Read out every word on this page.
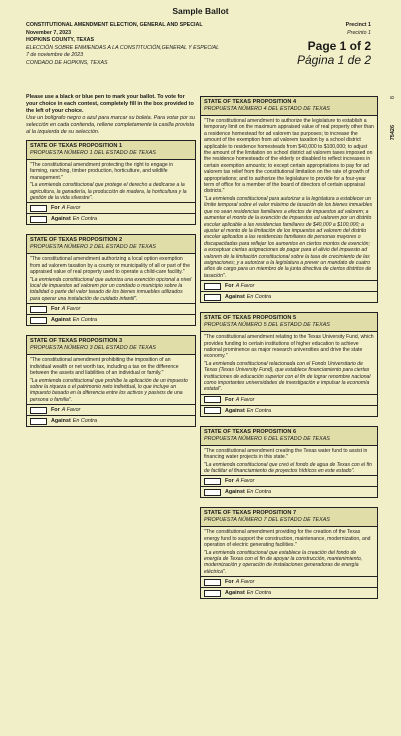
Sample Ballot
CONSTITUTIONAL AMENDMENT ELECTION, GENERAL AND SPECIAL
November 7, 2023
HOPKINS COUNTY, TEXAS
ELECCIÓN SOBRE ENMIENDAS A LA CONSTITUCIÓN,GENERAL Y ESPECIAL
7 de noviembre de 2023
CONDADO DE HOPKINS, TEXAS
Precinct 1
Precinto 1
Page 1 of 2
Página 1 de 2
8
75426
Please use a black or blue pen to mark your ballot. To vote for your choice in each contest, completely fill in the box provided to the left of your choice.
Use un bolígrafo negro o azul para marcar su boleta. Para votar por su selección en cada contienda, rellene completamente la casilla provista al la izquierda de su selección.
STATE OF TEXAS PROPOSITION 1
PROPUESTA NÚMERO 1 DEL ESTADO DE TEXAS
"The constitutional amendment protecting the right to engage in farming, ranching, timber production, horticulture, and wildlife management."
"La enmienda constitucional que protege el derecho a dedicarse a la agricultura, la ganadería, la producción de madera, la horticultura y la gestión de la vida silvestre".
For A Favor
Against En Contra
STATE OF TEXAS PROPOSITION 2
PROPUESTA NÚMERO 2 DEL ESTADO DE TEXAS
"The constitutional amendment authorizing a local option exemption from ad valorem taxation by a county or municipality of all or part of the appraised value of real property used to operate a child-care facility."
"La enmienda constitucional que autoriza una exención opcional a nivel local de impuestos ad valorem por un condado o municipio sobre la totalidad o parte del valor tasado de los bienes inmuebles utilizados para operar una instalación de cuidado infantil".
For A Favor
Against En Contra
STATE OF TEXAS PROPOSITION 3
PROPUESTA NÚMERO 3 DEL ESTADO DE TEXAS
"The constitutional amendment prohibiting the imposition of an individual wealth or net worth tax, including a tax on the difference between the assets and liabilities of an individual or family."
"La enmienda constitucional que prohíbe la aplicación de un impuesto sobre la riqueza o el patrimonio neto individual, lo que incluye un impuesto basado en la diferencia entre los activos y pasivos de una persona o familia".
For A Favor
Against En Contra
STATE OF TEXAS PROPOSITION 4
PROPUESTA NÚMERO 4 DEL ESTADO DE TEXAS
"The constitutional amendment to authorize the legislature to establish a temporary limit on the maximum appraised value of real property other than a residence homestead for ad valorem tax purposes; to increase the amount of the exemption from ad valorem taxation by a school district applicable to residence homesteads from $40,000 to $100,000; to adjust the amount of the limitation on school district ad valorem taxes imposed on the residence homesteads of the elderly or disabled to reflect increases in certain exemption amounts; to except certain appropriations to pay for ad valorem tax relief from the constitutional limitation on the rate of growth of appropriations; and to authorize the legislature to provide for a four-year term of office for a member of the board of directors of certain appraisal districts."
"La enmienda constitucional para autorizar a la legislatura a establecer un límite temporal sobre el valor máximo de tasación de los bienes inmuebles que no sean residencias familiares a efectos de impuestos ad valorem; a aumentar el monto de la exención de impuestos ad valorem por un distrito escolar aplicable a las residencias familiares de $40,000 a $100,000; a ajustar el monto de la limitación de los impuestos ad valorem del distrito escolar aplicados a las residencias familiares de personas mayores o discapacitadas para reflejar los aumentos en ciertos montos de exención; a exceptuar ciertas asignaciones de pagar para el alivio del impuesto ad valorem de la limitación constitucional sobre la tasa de crecimiento de las asignaciones; y a autorizar a la legislatura a prever un mandato de cuatro años de cargo para un miembro de la junta directiva de ciertos distritos de tasación".
For A Favor
Against En Contra
STATE OF TEXAS PROPOSITION 5
PROPUESTA NÚMERO 5 DEL ESTADO DE TEXAS
"The constitutional amendment relating to the Texas University Fund, which provides funding to certain institutions of higher education to achieve national prominence as major research universities and drive the state economy."
"La enmienda constitucional relacionada con el Fondo Universitario de Texas (Texas University Fund), que establece financiamiento para ciertas instituciones de educación superior con el fin de lograr renombre nacional como importantes universidades de investigación e impulsar la economía estatal".
For A Favor
Against En Contra
STATE OF TEXAS PROPOSITION 6
PROPUESTA NÚMERO 6 DEL ESTADO DE TEXAS
"The constitutional amendment creating the Texas water fund to assist in financing water projects in this state."
"La enmienda constitucional que creó el fondo de agua de Texas con el fin de facilitar el financiamiento de proyectos hídricos en este estado".
For A Favor
Against En Contra
STATE OF TEXAS PROPOSITION 7
PROPUESTA NÚMERO 7 DEL ESTADO DE TEXAS
"The constitutional amendment providing for the creation of the Texas energy fund to support the construction, maintenance, modernization, and operation of electric generating facilities."
"La enmienda constitucional que establece la creación del fondo de energía de Texas con el fin de apoyar la construcción, mantenimiento, modernización y operación de instalaciones generadoras de energía eléctrica".
For A Favor
Against En Contra
